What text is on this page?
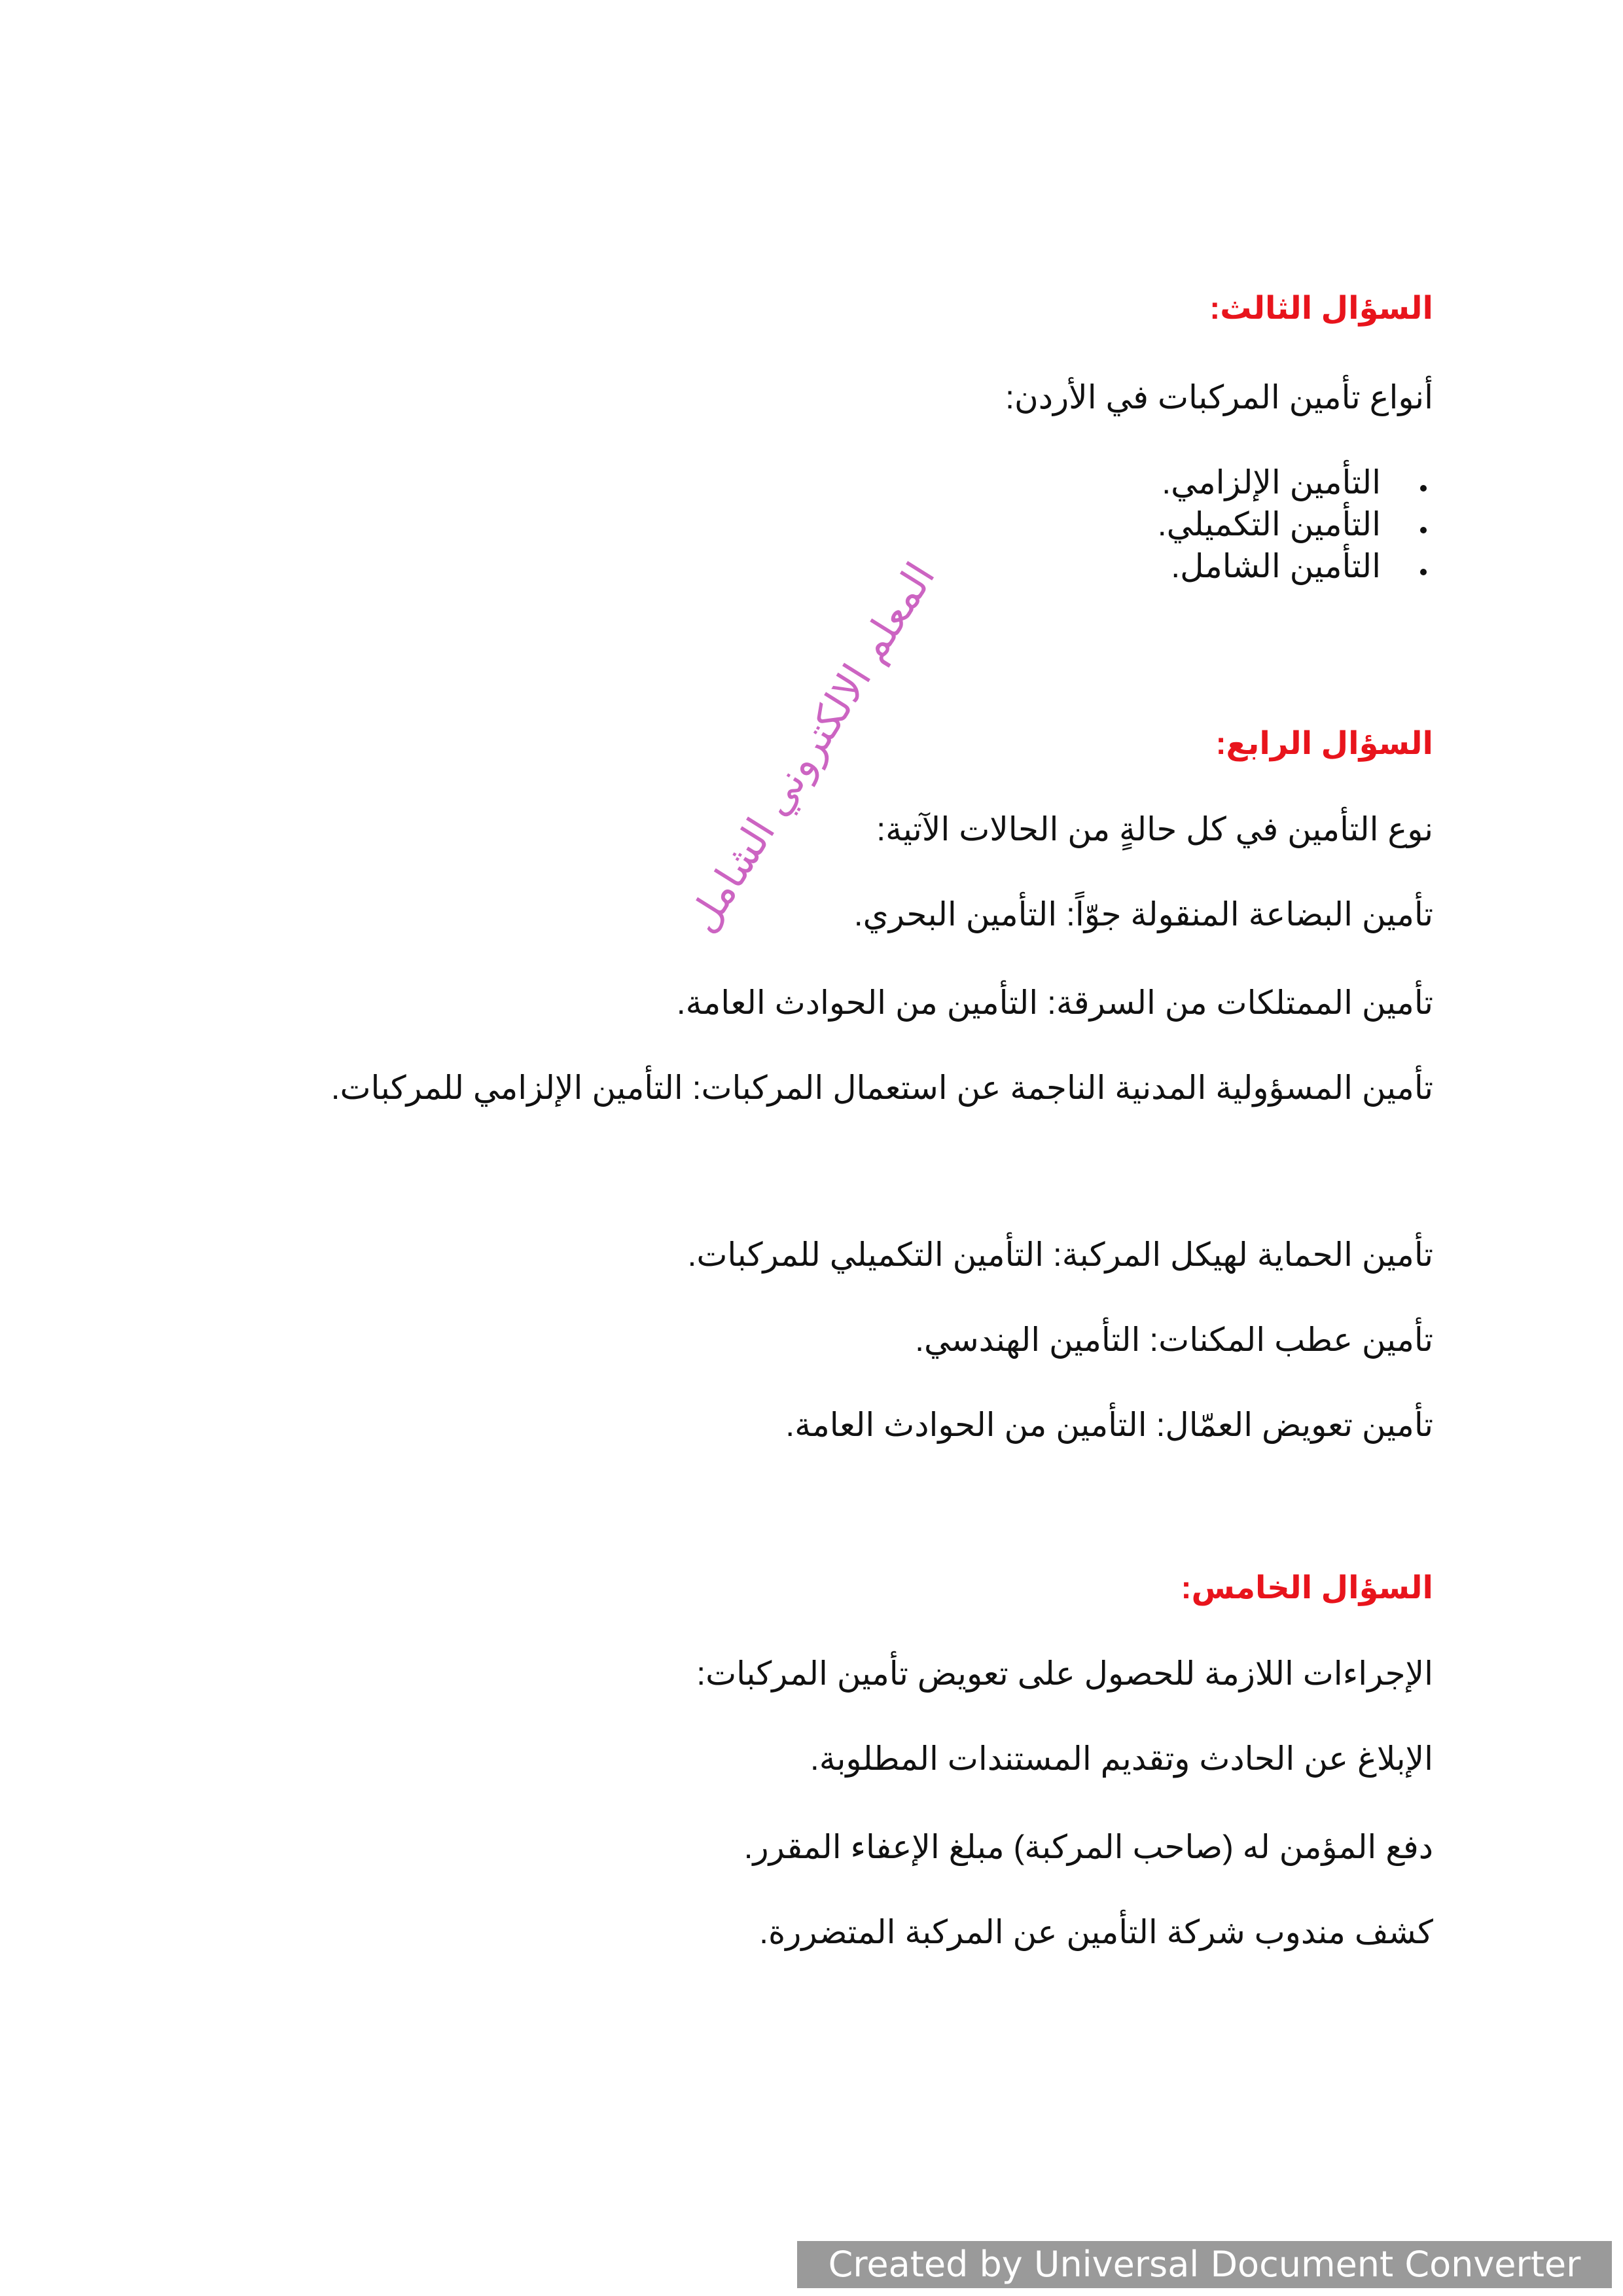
السؤال الثالث:
أنواع تأمين المركبات في الأردن:
التأمين الإلزامي.
التأمين التكميلي.
التأمين الشامل.
السؤال الرابع:
نوع التأمين في كل حالةٍ من الحالات الآتية:
تأمين البضاعة المنقولة جوّاً: التأمين البحري.
تأمين الممتلكات من السرقة: التأمين من الحوادث العامة.
تأمين المسؤولية المدنية الناجمة عن استعمال المركبات: التأمين الإلزامي للمركبات.
تأمين الحماية لهيكل المركبة: التأمين التكميلي للمركبات.
تأمين عطب المكنات: التأمين الهندسي.
تأمين تعويض العمّال: التأمين من الحوادث العامة.
السؤال الخامس:
الإجراءات اللازمة للحصول على تعويض تأمين المركبات:
الإبلاغ عن الحادث وتقديم المستندات المطلوبة.
دفع المؤمن له (صاحب المركبة) مبلغ الإعفاء المقرر.
كشف مندوب شركة التأمين عن المركبة المتضررة.
المعلم الالكتروني الشامل
Created by Universal Document Converter
